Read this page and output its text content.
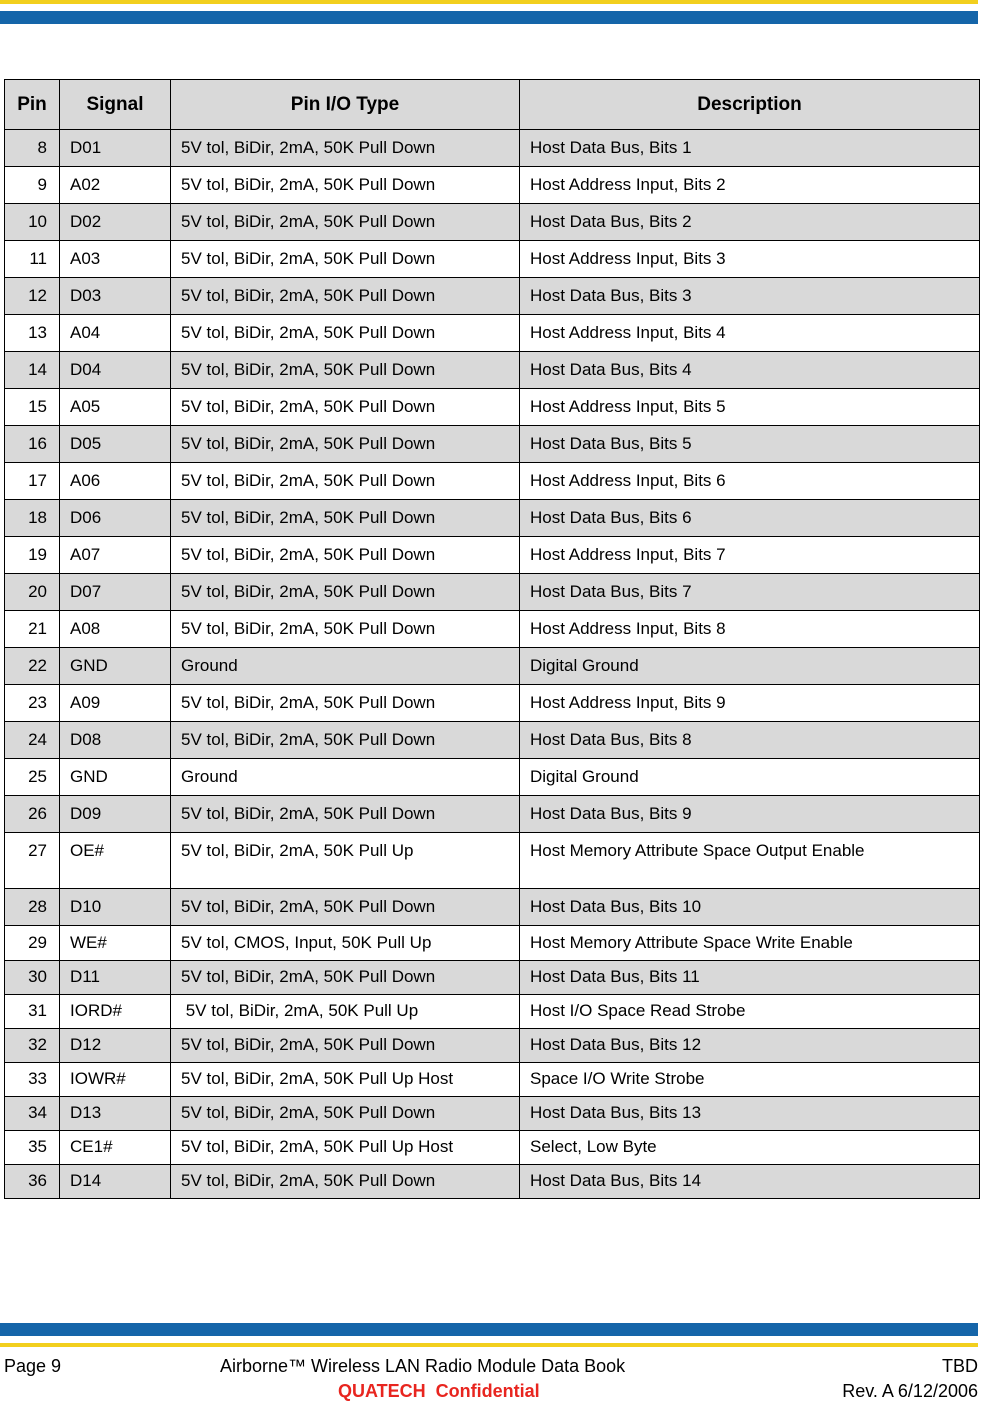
Pin	Signal	Pin I/O Type	Description
8	D01	5V tol, BiDir, 2mA, 50K Pull Down	Host Data Bus, Bits 1
9	A02	5V tol, BiDir, 2mA, 50K Pull Down	Host Address Input, Bits 2
10	D02	5V tol, BiDir, 2mA, 50K Pull Down	Host Data Bus, Bits 2
11	A03	5V tol, BiDir, 2mA, 50K Pull Down	Host Address Input, Bits 3
12	D03	5V tol, BiDir, 2mA, 50K Pull Down	Host Data Bus, Bits 3
13	A04	5V tol, BiDir, 2mA, 50K Pull Down	Host Address Input, Bits 4
14	D04	5V tol, BiDir, 2mA, 50K Pull Down	Host Data Bus, Bits 4
15	A05	5V tol, BiDir, 2mA, 50K Pull Down	Host Address Input, Bits 5
16	D05	5V tol, BiDir, 2mA, 50K Pull Down	Host Data Bus, Bits 5
17	A06	5V tol, BiDir, 2mA, 50K Pull Down	Host Address Input, Bits 6
18	D06	5V tol, BiDir, 2mA, 50K Pull Down	Host Data Bus, Bits 6
19	A07	5V tol, BiDir, 2mA, 50K Pull Down	Host Address Input, Bits 7
20	D07	5V tol, BiDir, 2mA, 50K Pull Down	Host Data Bus, Bits 7
21	A08	5V tol, BiDir, 2mA, 50K Pull Down	Host Address Input, Bits 8
22	GND	Ground	Digital Ground
23	A09	5V tol, BiDir, 2mA, 50K Pull Down	Host Address Input, Bits 9
24	D08	5V tol, BiDir, 2mA, 50K Pull Down	Host Data Bus, Bits 8
25	GND	Ground	Digital Ground
26	D09	5V tol, BiDir, 2mA, 50K Pull Down	Host Data Bus, Bits 9
27	OE#	5V tol, BiDir, 2mA, 50K Pull Up	Host Memory Attribute Space Output Enable
28	D10	5V tol, BiDir, 2mA, 50K Pull Down	Host Data Bus, Bits 10
29	WE#	5V tol, CMOS, Input, 50K Pull Up	Host Memory Attribute Space Write Enable
30	D11	5V tol, BiDir, 2mA, 50K Pull Down	Host Data Bus, Bits 11
31	IORD#	5V tol, BiDir, 2mA, 50K Pull Up	Host I/O Space Read Strobe
32	D12	5V tol, BiDir, 2mA, 50K Pull Down	Host Data Bus, Bits 12
33	IOWR#	5V tol, BiDir, 2mA, 50K Pull Up Host	Space I/O Write Strobe
34	D13	5V tol, BiDir, 2mA, 50K Pull Down	Host Data Bus, Bits 13
35	CE1#	5V tol, BiDir, 2mA, 50K Pull Up Host	Select, Low Byte
36	D14	5V tol, BiDir, 2mA, 50K Pull Down	Host Data Bus, Bits 14
Page 9	Airborne™ Wireless LAN Radio Module Data Book	TBD
QUATECH  Confidential	Rev. A 6/12/2006
